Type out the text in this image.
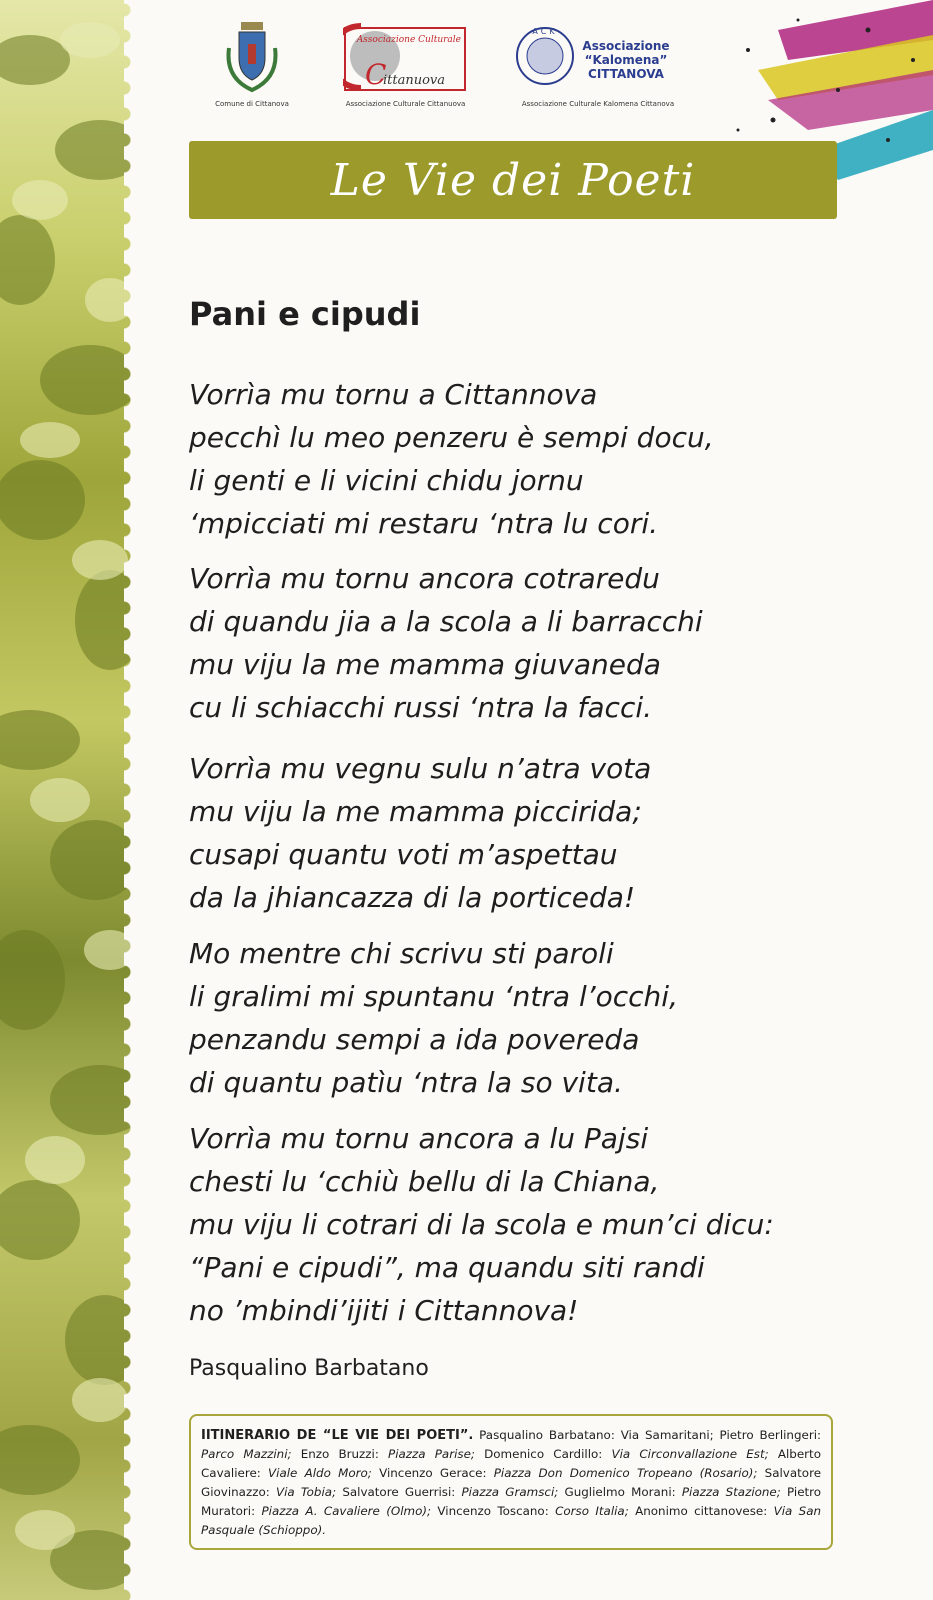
Comune di Cittanova
Associazione Culturale
C
ittanuova
Associazione Culturale Cittanuova
ACK
Associazione
“Kalomena”
CITTANOVA
Associazione Culturale Kalomena Cittanova
Le Vie dei Poeti
Pani e cipudi
Vorrìa mu tornu a Cittannova
pecchì lu meo penzeru è sempi docu,
li genti e li vicini chidu jornu
‘mpicciati mi restaru ‘ntra lu cori.
Vorrìa mu tornu ancora cotraredu
di quandu jia a la scola a li barracchi
mu viju la me mamma giuvaneda
cu li schiacchi russi ‘ntra la facci.
Vorrìa mu vegnu sulu n’atra vota
mu viju la me mamma piccirida;
cusapi quantu voti m’aspettau
da la jhiancazza di la porticeda!
Mo mentre chi scrivu sti paroli
li gralimi mi spuntanu ‘ntra l’occhi,
penzandu sempi a ida povereda
di quantu patìu ‘ntra la so vita.
Vorrìa mu tornu ancora a lu Pajsi
chesti lu ‘cchiù bellu di la Chiana,
mu viju li cotrari di la scola e mun’ci dicu:
“Pani e cipudi”, ma quandu siti randi
no ’mbindi’ijiti i Cittannova!
Pasqualino Barbatano
IITINERARIO DE “LE VIE DEI POETI”. Pasqualino Barbatano: Via Samaritani; Pietro Berlingeri: Parco Mazzini; Enzo Bruzzi: Piazza Parise; Domenico Cardillo: Via Circonvallazione Est; Alberto Cavaliere: Viale Aldo Moro; Vincenzo Gerace: Piazza Don Domenico Tropeano (Rosario); Salvatore Giovinazzo: Via Tobia; Salvatore Guerrisi: Piazza Gramsci; Guglielmo Morani: Piazza Stazione; Pietro Muratori: Piazza A. Cavaliere (Olmo); Vincenzo Toscano: Corso Italia; Anonimo cittanovese: Via San Pasquale (Schioppo).
